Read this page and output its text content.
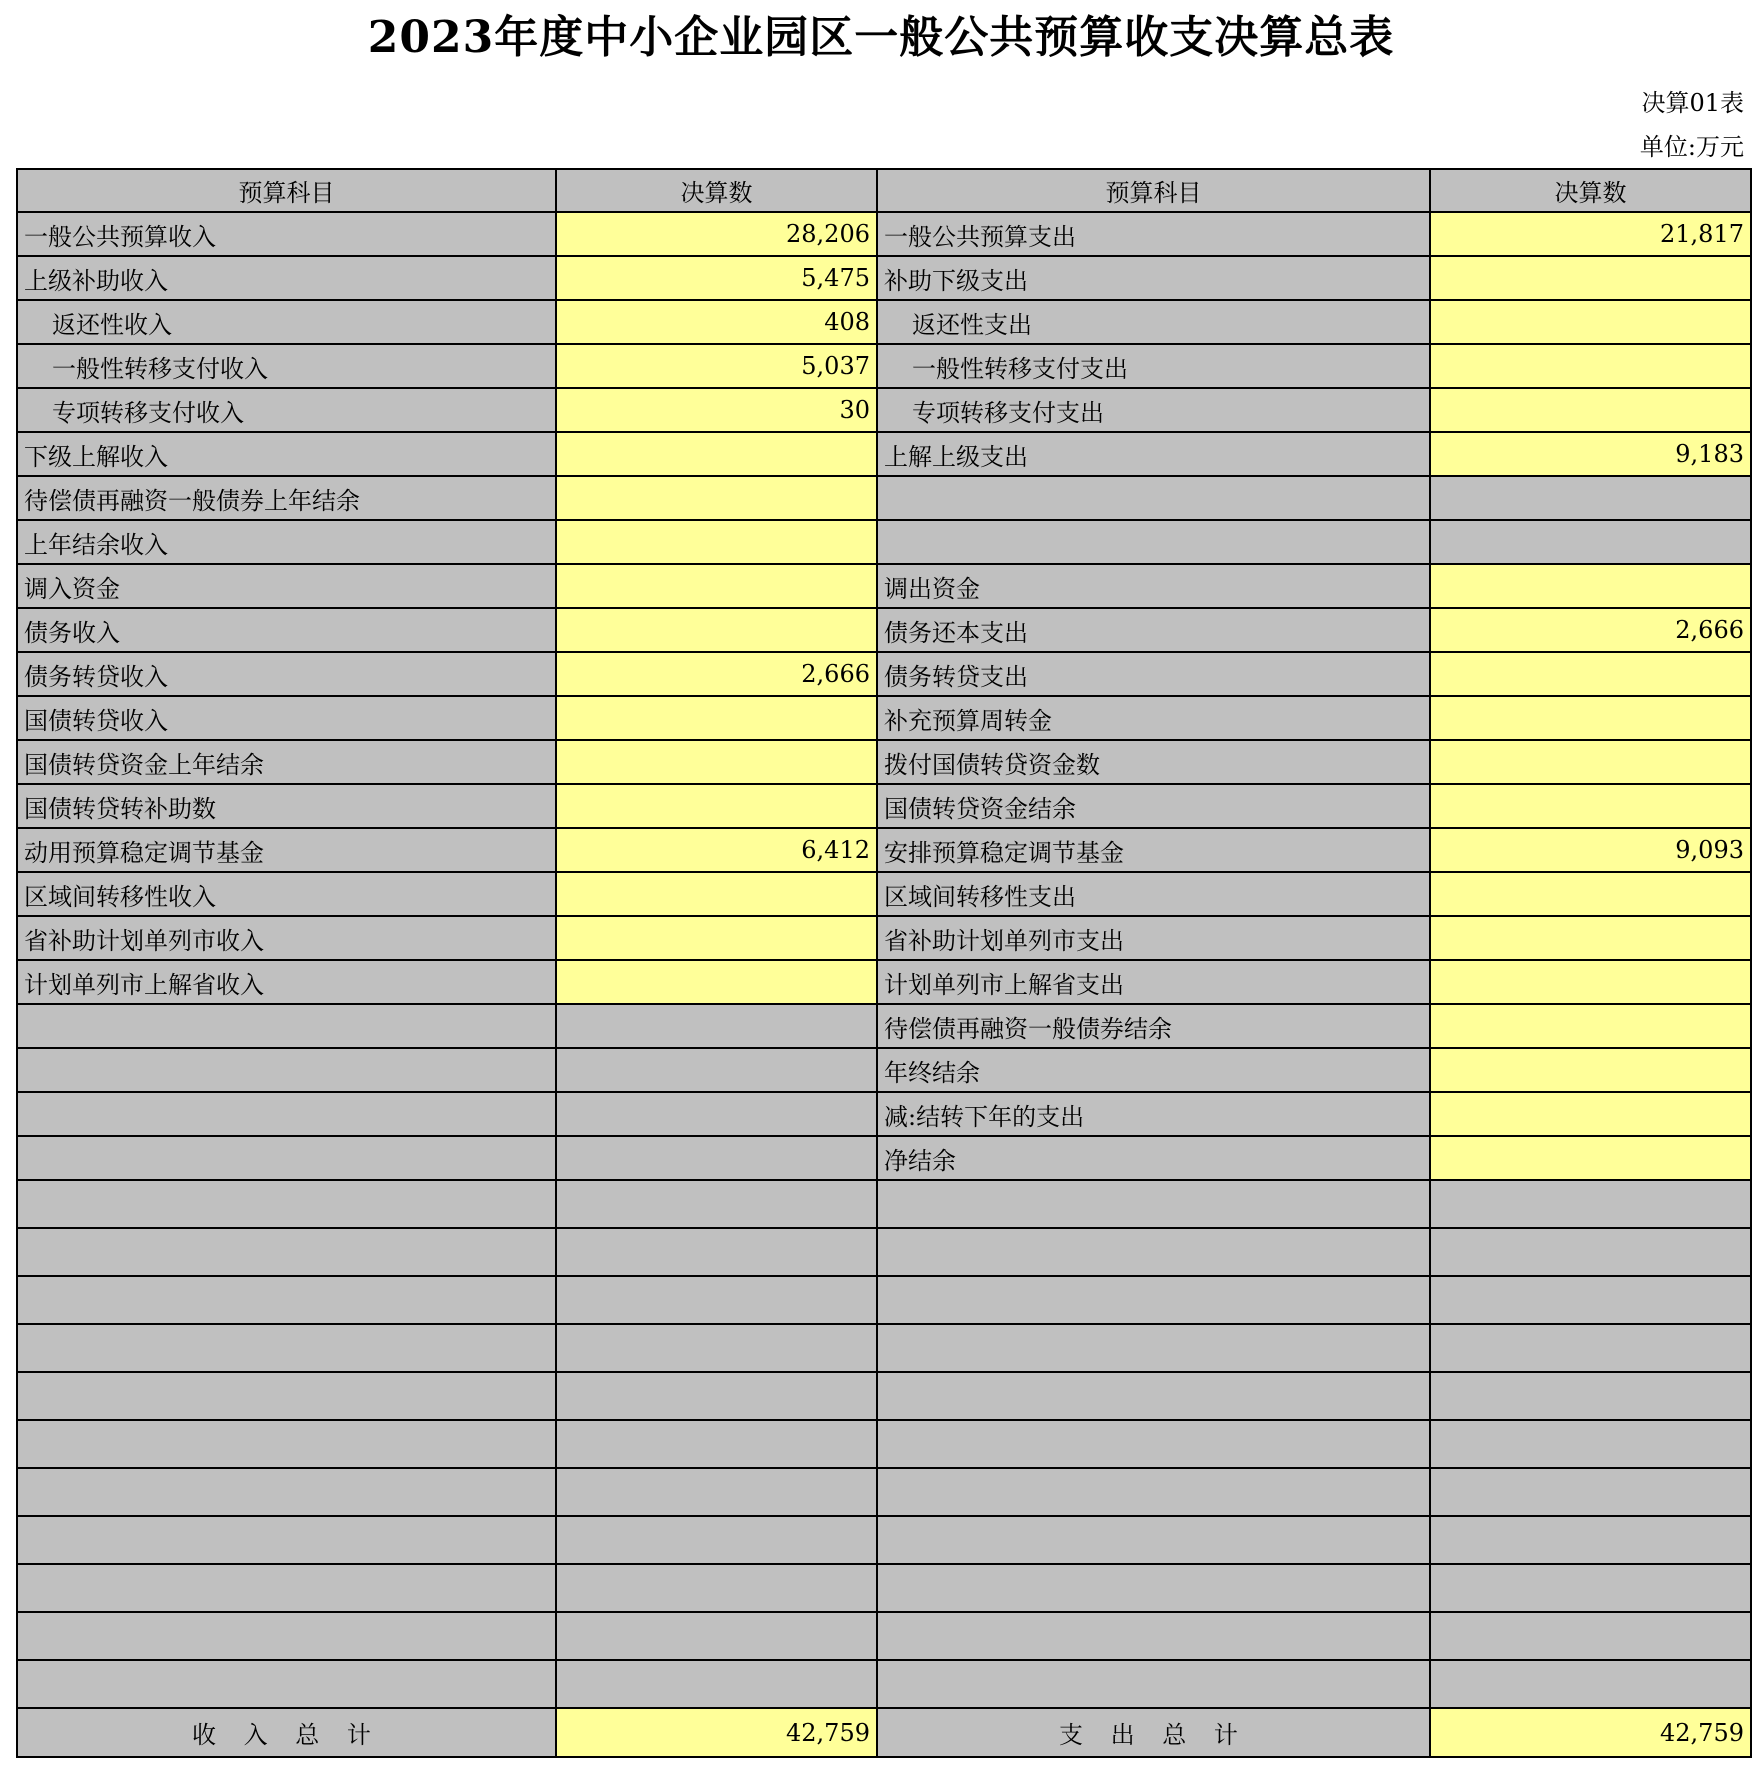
2023年度中小企业园区一般公共预算收支决算总表
决算01表
单位:万元
预算科目	决算数	预算科目	决算数
一般公共预算收入	28,206	一般公共预算支出	21,817
上级补助收入	5,475	补助下级支出	
返还性收入	408	返还性支出	
一般性转移支付收入	5,037	一般性转移支付支出	
专项转移支付收入	30	专项转移支付支出	
下级上解收入		上解上级支出	9,183
待偿债再融资一般债券上年结余			
上年结余收入			
调入资金		调出资金	
债务收入		债务还本支出	2,666
债务转贷收入	2,666	债务转贷支出	
国债转贷收入		补充预算周转金	
国债转贷资金上年结余		拨付国债转贷资金数	
国债转贷转补助数		国债转贷资金结余	
动用预算稳定调节基金	6,412	安排预算稳定调节基金	9,093
区域间转移性收入		区域间转移性支出	
省补助计划单列市收入		省补助计划单列市支出	
计划单列市上解省收入		计划单列市上解省支出	
		待偿债再融资一般债券结余	
		年终结余	
		减:结转下年的支出	
		净结余	

收 入 总 计	42,759	支 出 总 计	42,759
